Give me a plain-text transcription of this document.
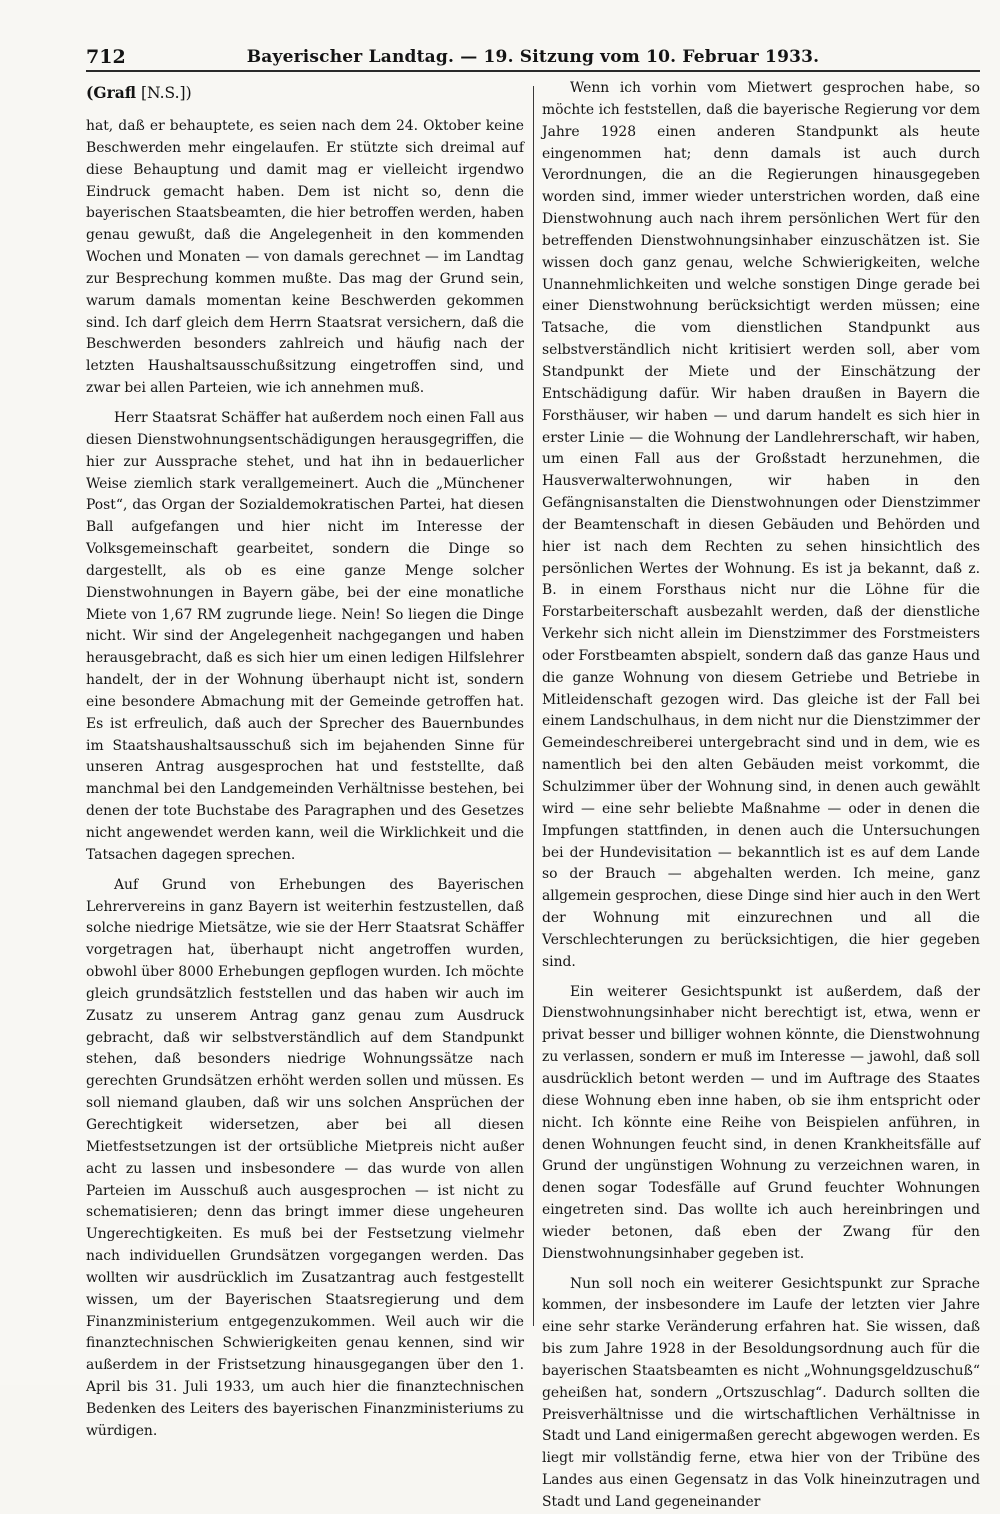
712	Bayerischer Landtag. — 19. Sitzung vom 10. Februar 1933.
(Grafl [N.S.])

hat, daß er behauptete, es seien nach dem 24. Oktober keine Beschwerden mehr eingelaufen. Er stützte sich dreimal auf diese Behauptung und damit mag er vielleicht irgendwo Eindruck gemacht haben. Dem ist nicht so, denn die bayerischen Staatsbeamten, die hier betroffen werden, haben genau gewußt, daß die Angelegenheit in den kommenden Wochen und Monaten — von damals gerechnet — im Landtag zur Besprechung kommen mußte. Das mag der Grund sein, warum damals momentan keine Beschwerden gekommen sind. Ich darf gleich dem Herrn Staatsrat versichern, daß die Beschwerden besonders zahlreich und häufig nach der letzten Haushaltsausschußsitzung eingetroffen sind, und zwar bei allen Parteien, wie ich annehmen muß.

Herr Staatsrat Schäffer hat außerdem noch einen Fall aus diesen Dienstwohnungsentschädigungen herausgegriffen, die hier zur Aussprache stehet, und hat ihn in bedauerlicher Weise ziemlich stark verallgemeinert. Auch die „Münchener Post“, das Organ der Sozialdemokratischen Partei, hat diesen Ball aufgefangen und hier nicht im Interesse der Volksgemeinschaft gearbeitet, sondern die Dinge so dargestellt, als ob es eine ganze Menge solcher Dienstwohnungen in Bayern gäbe, bei der eine monatliche Miete von 1,67 RM zugrunde liege. Nein! So liegen die Dinge nicht. Wir sind der Angelegenheit nachgegangen und haben herausgebracht, daß es sich hier um einen ledigen Hilfslehrer handelt, der in der Wohnung überhaupt nicht ist, sondern eine besondere Abmachung mit der Gemeinde getroffen hat. Es ist erfreulich, daß auch der Sprecher des Bauernbundes im Staatshaushaltsausschuß sich im bejahenden Sinne für unseren Antrag ausgesprochen hat und feststellte, daß manchmal bei den Landgemeinden Verhältnisse bestehen, bei denen der tote Buchstabe des Paragraphen und des Gesetzes nicht angewendet werden kann, weil die Wirklichkeit und die Tatsachen dagegen sprechen.

Auf Grund von Erhebungen des Bayerischen Lehrervereins in ganz Bayern ist weiterhin festzustellen, daß solche niedrige Mietsätze, wie sie der Herr Staatsrat Schäffer vorgetragen hat, überhaupt nicht angetroffen wurden, obwohl über 8000 Erhebungen gepflogen wurden. Ich möchte gleich grundsätzlich feststellen und das haben wir auch im Zusatz zu unserem Antrag ganz genau zum Ausdruck gebracht, daß wir selbstverständlich auf dem Standpunkt stehen, daß besonders niedrige Wohnungssätze nach gerechten Grundsätzen erhöht werden sollen und müssen. Es soll niemand glauben, daß wir uns solchen Ansprüchen der Gerechtigkeit widersetzen, aber bei all diesen Mietfestsetzungen ist der ortsübliche Mietpreis nicht außer acht zu lassen und insbesondere — das wurde von allen Parteien im Ausschuß auch ausgesprochen — ist nicht zu schematisieren; denn das bringt immer diese ungeheuren Ungerechtigkeiten. Es muß bei der Festsetzung vielmehr nach individuellen Grundsätzen vorgegangen werden. Das wollten wir ausdrücklich im Zusatzantrag auch festgestellt wissen, um der Bayerischen Staatsregierung und dem Finanzministerium entgegenzukommen. Weil auch wir die finanztechnischen Schwierigkeiten genau kennen, sind wir außerdem in der Fristsetzung hinausgegangen über den 1. April bis 31. Juli 1933, um auch hier die finanztechnischen Bedenken des Leiters des bayerischen Finanzministeriums zu würdigen.

Wenn ich vorhin vom Mietwert gesprochen habe, so möchte ich feststellen, daß die bayerische Regierung vor dem Jahre 1928 einen anderen Standpunkt als heute eingenommen hat; denn damals ist auch durch Verordnungen, die an die Regierungen hinausgegeben worden sind, immer wieder unterstrichen worden, daß eine Dienstwohnung auch nach ihrem persönlichen Wert für den betreffenden Dienstwohnungsinhaber einzuschätzen ist. Sie wissen doch ganz genau, welche Schwierigkeiten, welche Unannehmlichkeiten und welche sonstigen Dinge gerade bei einer Dienstwohnung berücksichtigt werden müssen; eine Tatsache, die vom dienstlichen Standpunkt aus selbstverständlich nicht kritisiert werden soll, aber vom Standpunkt der Miete und der Einschätzung der Entschädigung dafür. Wir haben draußen in Bayern die Forsthäuser, wir haben — und darum handelt es sich hier in erster Linie — die Wohnung der Landlehrerschaft, wir haben, um einen Fall aus der Großstadt herzunehmen, die Hausverwalterwohnungen, wir haben in den Gefängnisanstalten die Dienstwohnungen oder Dienstzimmer der Beamtenschaft in diesen Gebäuden und Behörden und hier ist nach dem Rechten zu sehen hinsichtlich des persönlichen Wertes der Wohnung. Es ist ja bekannt, daß z. B. in einem Forsthaus nicht nur die Löhne für die Forstarbeiterschaft ausbezahlt werden, daß der dienstliche Verkehr sich nicht allein im Dienstzimmer des Forstmeisters oder Forstbeamten abspielt, sondern daß das ganze Haus und die ganze Wohnung von diesem Getriebe und Betriebe in Mitleidenschaft gezogen wird. Das gleiche ist der Fall bei einem Landschulhaus, in dem nicht nur die Dienstzimmer der Gemeindeschreiberei untergebracht sind und in dem, wie es namentlich bei den alten Gebäuden meist vorkommt, die Schulzimmer über der Wohnung sind, in denen auch gewählt wird — eine sehr beliebte Maßnahme — oder in denen die Impfungen stattfinden, in denen auch die Untersuchungen bei der Hundevisitation — bekanntlich ist es auf dem Lande so der Brauch — abgehalten werden. Ich meine, ganz allgemein gesprochen, diese Dinge sind hier auch in den Wert der Wohnung mit einzurechnen und all die Verschlechterungen zu berücksichtigen, die hier gegeben sind.

Ein weiterer Gesichtspunkt ist außerdem, daß der Dienstwohnungsinhaber nicht berechtigt ist, etwa, wenn er privat besser und billiger wohnen könnte, die Dienstwohnung zu verlassen, sondern er muß im Interesse — jawohl, daß soll ausdrücklich betont werden — und im Auftrage des Staates diese Wohnung eben inne haben, ob sie ihm entspricht oder nicht. Ich könnte eine Reihe von Beispielen anführen, in denen Wohnungen feucht sind, in denen Krankheitsfälle auf Grund der ungünstigen Wohnung zu verzeichnen waren, in denen sogar Todesfälle auf Grund feuchter Wohnungen eingetreten sind. Das wollte ich auch hereinbringen und wieder betonen, daß eben der Zwang für den Dienstwohnungsinhaber gegeben ist.

Nun soll noch ein weiterer Gesichtspunkt zur Sprache kommen, der insbesondere im Laufe der letzten vier Jahre eine sehr starke Veränderung erfahren hat. Sie wissen, daß bis zum Jahre 1928 in der Besoldungsordnung auch für die bayerischen Staatsbeamten es nicht „Wohnungsgeldzuschuß“ geheißen hat, sondern „Ortszuschlag“. Dadurch sollten die Preisverhältnisse und die wirtschaftlichen Verhältnisse in Stadt und Land einigermaßen gerecht abgewogen werden. Es liegt mir vollständig ferne, etwa hier von der Tribüne des Landes aus einen Gegensatz in das Volk hineinzutragen und Stadt und Land gegeneinander
